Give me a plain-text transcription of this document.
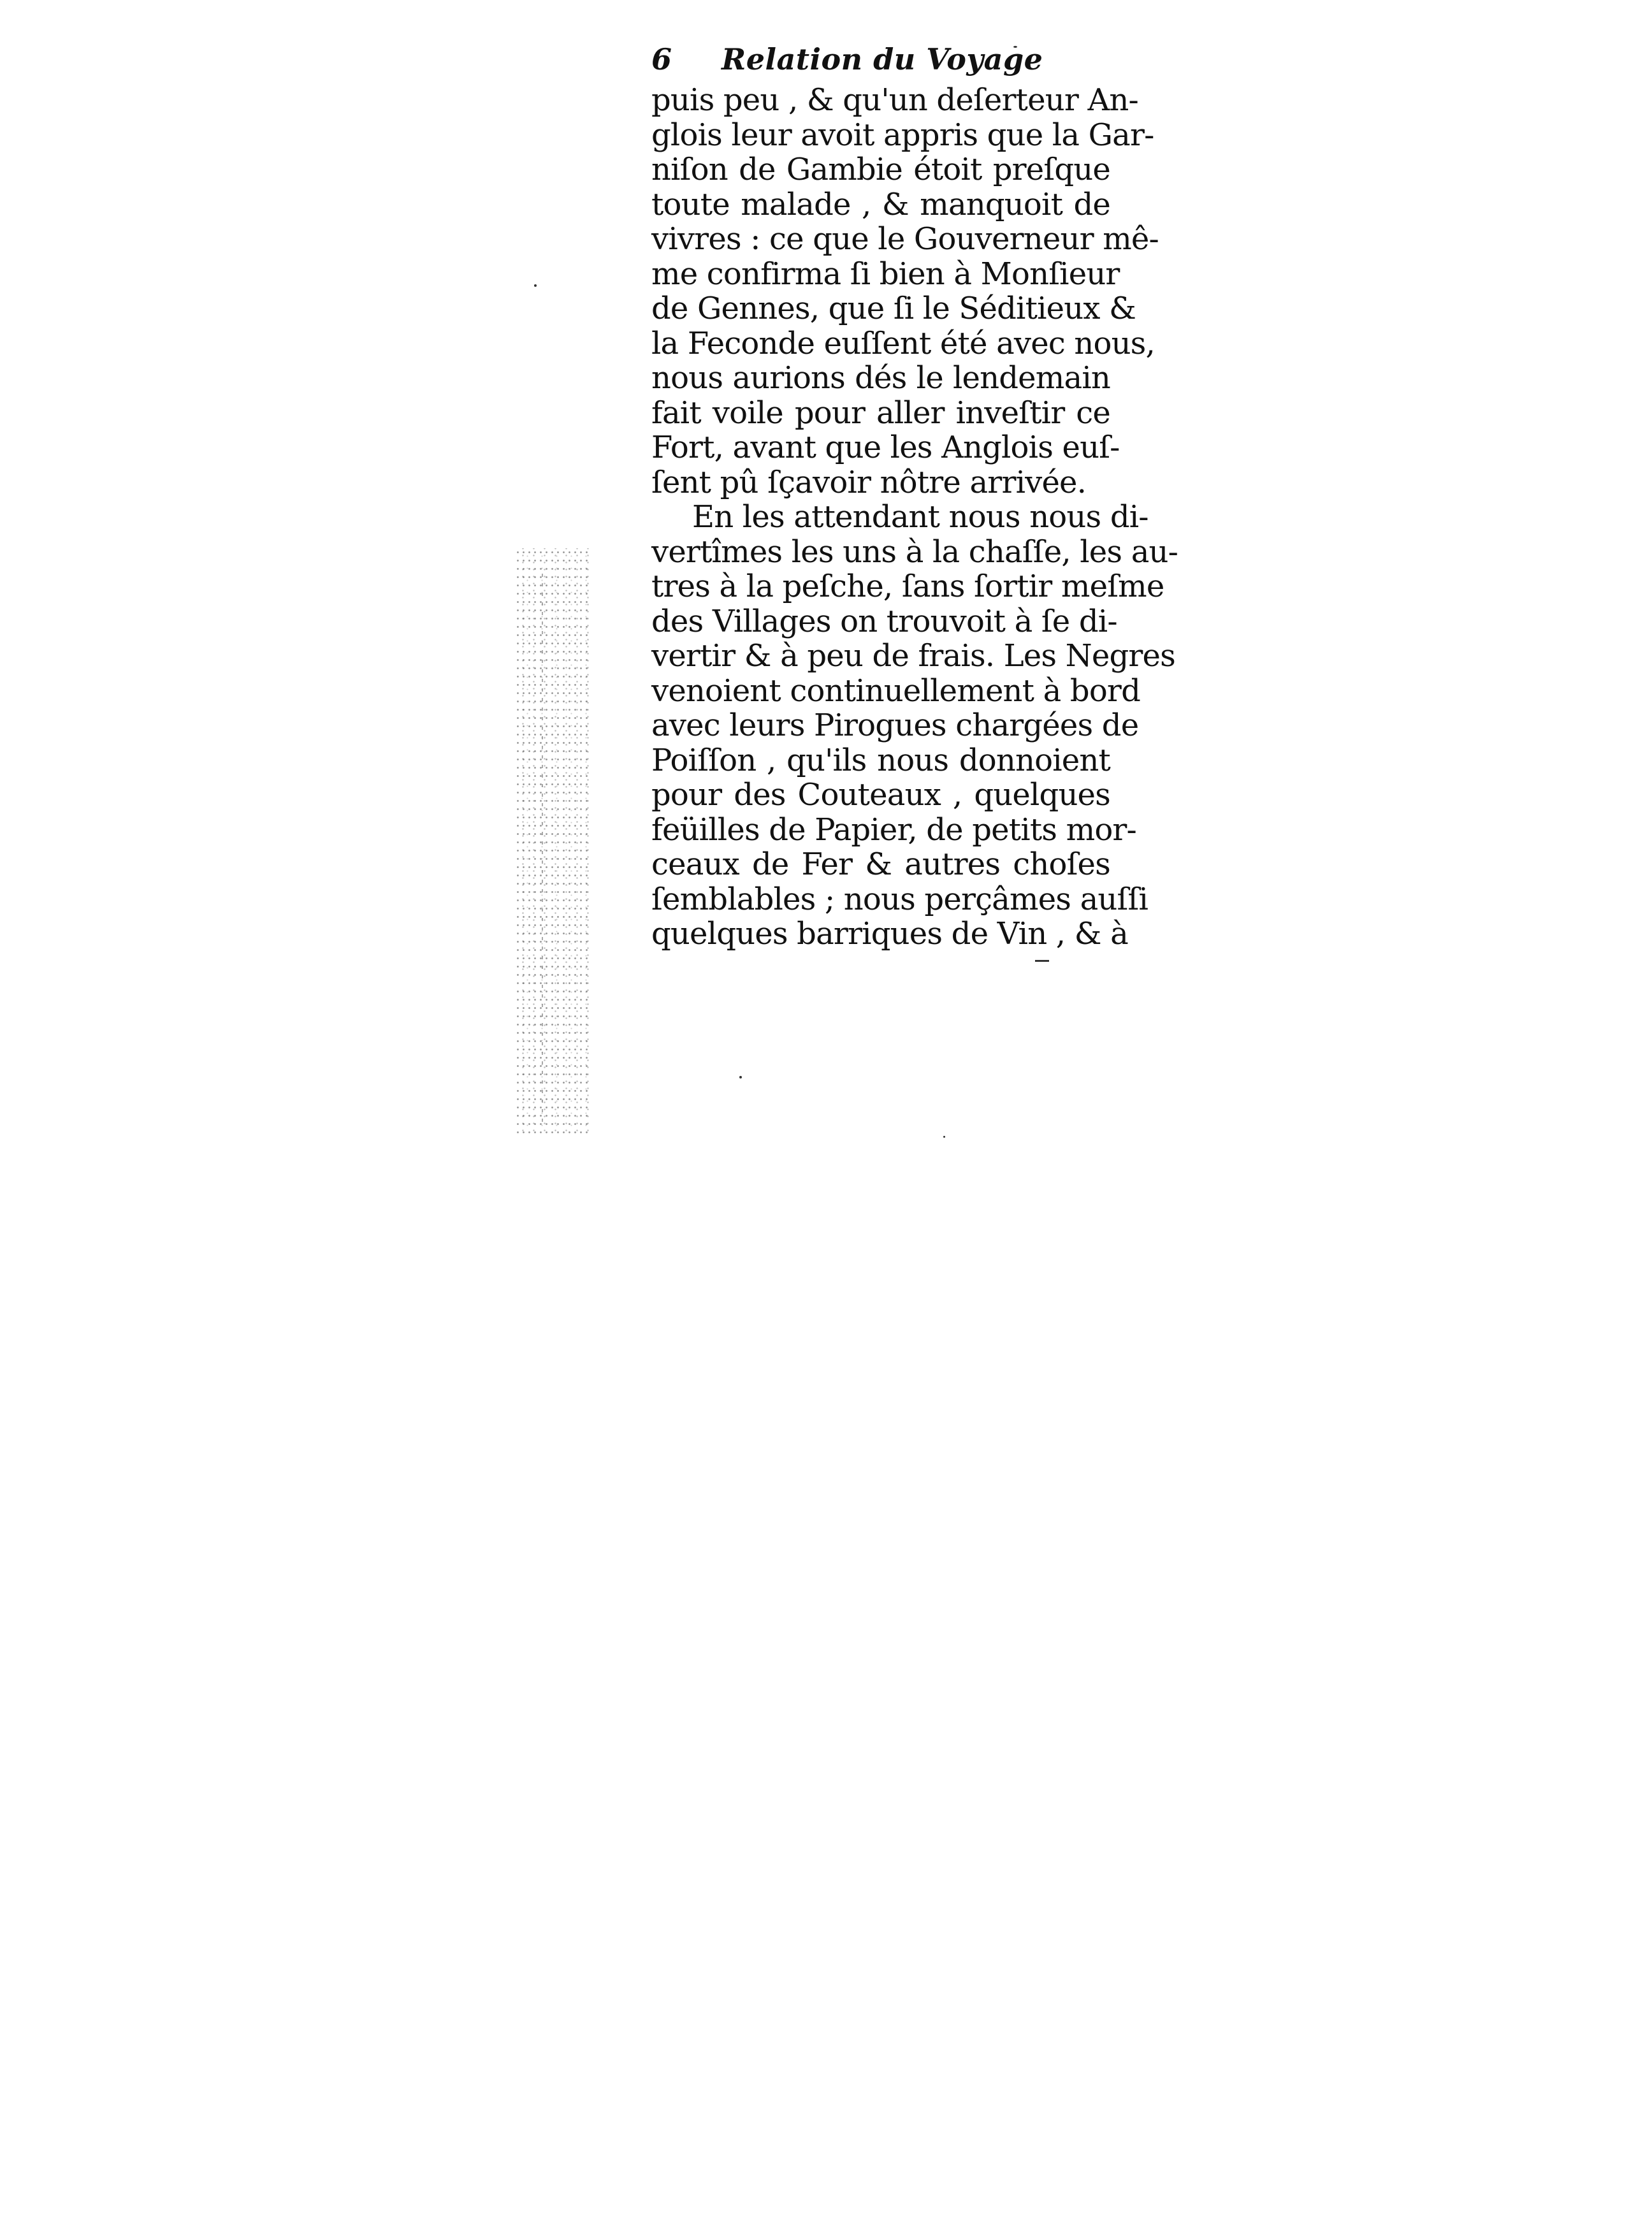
6 Relation du Voyage
puis peu , & qu'un deſerteur An-
glois leur avoit appris que la Gar-
niſon de Gambie étoit preſque
toute malade , & manquoit de
vivres : ce que le Gouverneur mê-
me confirma ſi bien à Monſieur
de Gennes, que ſi le Séditieux &
la Feconde euſſent été avec nous,
nous aurions dés le lendemain
fait voile pour aller inveſtir ce
Fort, avant que les Anglois euſ-
ſent pû ſçavoir nôtre arrivée.
En les attendant nous nous di-
vertîmes les uns à la chaſſe, les au-
tres à la peſche, ſans ſortir meſme
des Villages on trouvoit à ſe di-
vertir & à peu de frais. Les Negres
venoient continuellement à bord
avec leurs Pirogues chargées de
Poiſſon , qu'ils nous donnoient
pour des Couteaux , quelques
feüilles de Papier, de petits mor-
ceaux de Fer & autres choſes
ſemblables ; nous perçâmes auſſi
quelques barriques de Vin , & à
